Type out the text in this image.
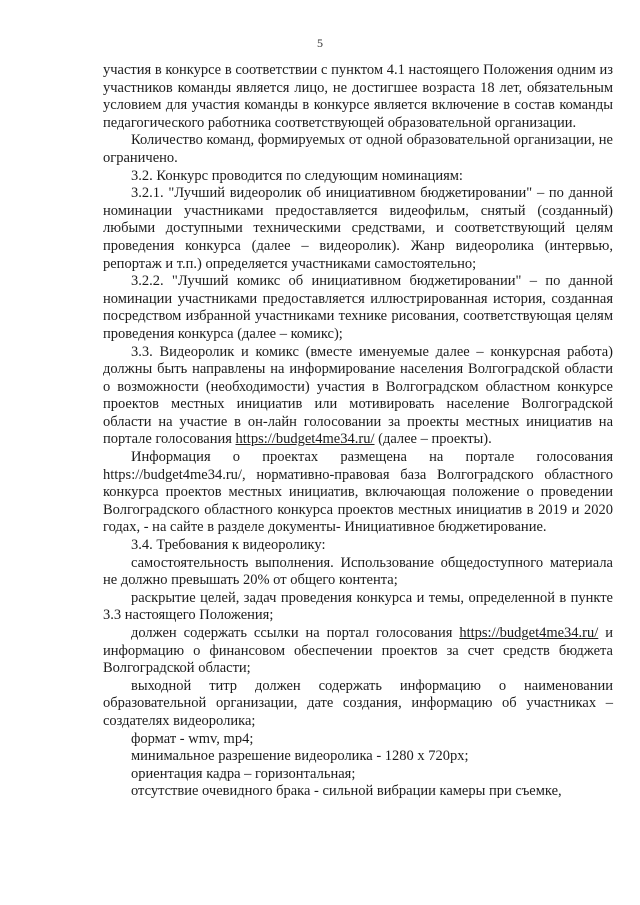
5

участия в конкурсе в соответствии с пунктом 4.1 настоящего Положения одним из участников команды является лицо, не достигшее возраста 18 лет, обязательным условием для участия команды в конкурсе является включение в состав команды педагогического работника соответствующей образовательной организации.

Количество команд, формируемых от одной образовательной организации, не ограничено.

3.2. Конкурс проводится по следующим номинациям:

3.2.1. "Лучший видеоролик об инициативном бюджетировании" – по данной номинации участниками предоставляется видеофильм, снятый (созданный) любыми доступными техническими средствами, и соответствующий целям проведения конкурса (далее – видеоролик). Жанр видеоролика (интервью, репортаж и т.п.) определяется участниками самостоятельно;

3.2.2. "Лучший комикс об инициативном бюджетировании" – по данной номинации участниками предоставляется иллюстрированная история, созданная посредством избранной участниками технике рисования, соответствующая целям проведения конкурса (далее – комикс);

3.3. Видеоролик и комикс (вместе именуемые далее – конкурсная работа) должны быть направлены на информирование населения Волгоградской области о возможности (необходимости) участия в Волгоградском областном конкурсе проектов местных инициатив или мотивировать население Волгоградской области на участие в он-лайн голосовании за проекты местных инициатив на портале голосования https://budget4me34.ru/ (далее – проекты).

Информация о проектах размещена на портале голосования https://budget4me34.ru/, нормативно-правовая база Волгоградского областного конкурса проектов местных инициатив, включающая положение о проведении Волгоградского областного конкурса проектов местных инициатив в 2019 и 2020 годах, - на сайте в разделе документы- Инициативное бюджетирование.

3.4. Требования к видеоролику:

самостоятельность выполнения. Использование общедоступного материала не должно превышать 20% от общего контента;

раскрытие целей, задач проведения конкурса и темы, определенной в пункте 3.3 настоящего Положения;

должен содержать ссылки на портал голосования https://budget4me34.ru/ и информацию о финансовом обеспечении проектов за счет средств бюджета Волгоградской области;

выходной титр должен содержать информацию о наименовании образовательной организации, дате создания, информацию об участниках – создателях видеоролика;

формат - wmv, mp4;

минимальное разрешение видеоролика - 1280 x 720px;

ориентация кадра – горизонтальная;

отсутствие очевидного брака - сильной вибрации камеры при съемке,
